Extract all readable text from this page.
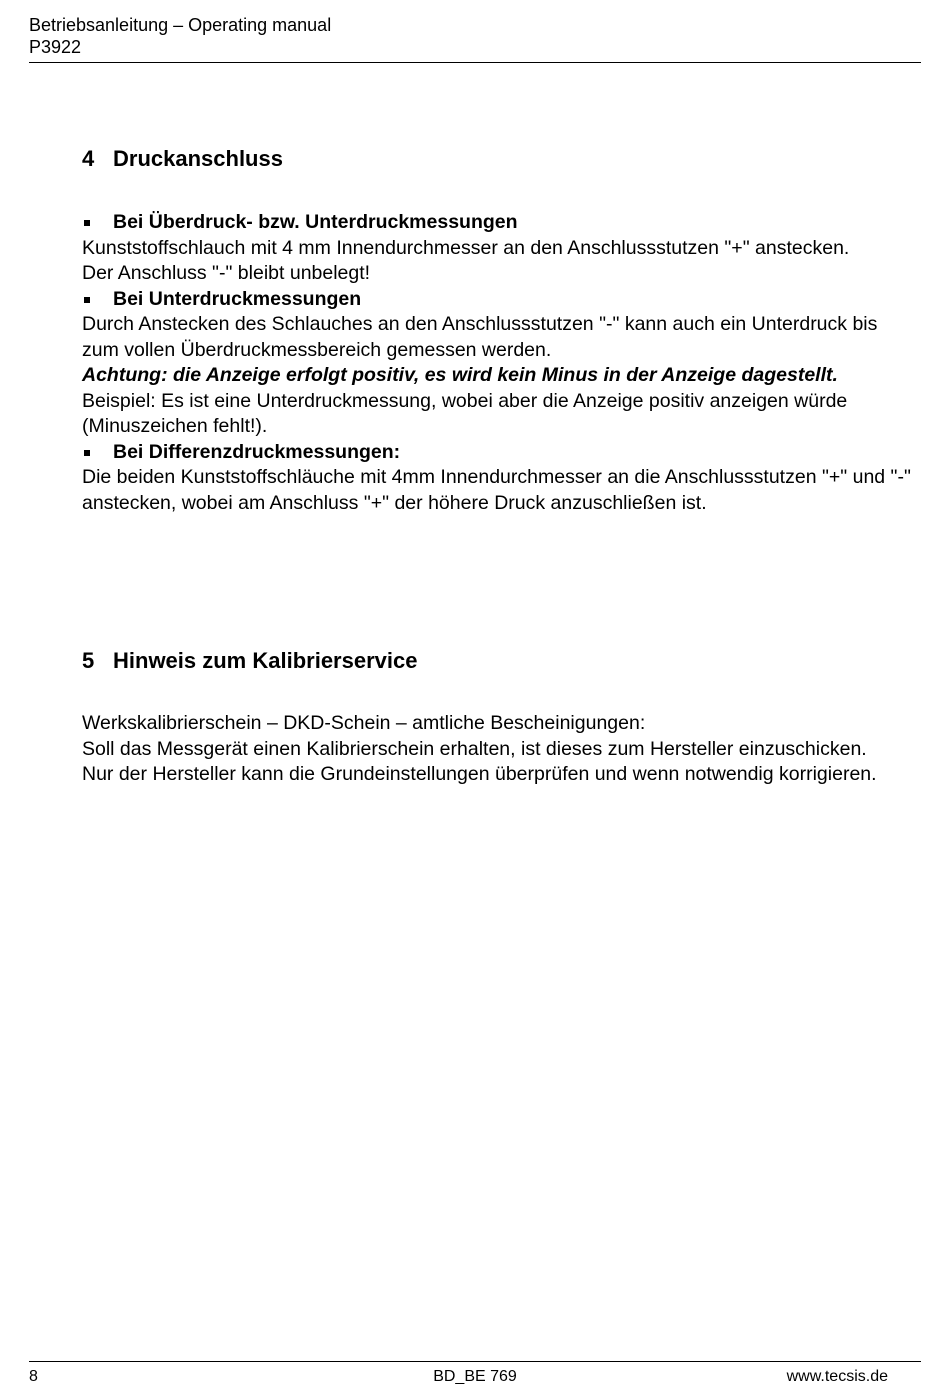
Betriebsanleitung – Operating manual
P3922
4 Druckanschluss
Bei Überdruck- bzw. Unterdruckmessungen
Kunststoffschlauch mit 4 mm Innendurchmesser an den Anschlussstutzen "+" anstecken.
Der Anschluss "-" bleibt unbelegt!
Bei Unterdruckmessungen
Durch Anstecken des Schlauches an den Anschlussstutzen "-" kann auch ein Unterdruck bis zum vollen Überdruckmessbereich gemessen werden.
Achtung: die Anzeige erfolgt positiv, es wird kein Minus in der Anzeige dagestellt.
Beispiel: Es ist eine Unterdruckmessung, wobei aber die Anzeige positiv anzeigen würde (Minuszeichen fehlt!).
Bei Differenzdruckmessungen:
Die beiden Kunststoffschläuche mit 4mm Innendurchmesser an die Anschlussstutzen "+" und "-" anstecken, wobei am Anschluss "+" der höhere Druck anzuschließen ist.
5 Hinweis zum Kalibrierservice
Werkskalibrierschein – DKD-Schein – amtliche Bescheinigungen:
Soll das Messgerät einen Kalibrierschein erhalten, ist dieses zum Hersteller einzuschicken.
Nur der Hersteller kann die Grundeinstellungen überprüfen und wenn notwendig korrigieren.
BD_BE 769
8	www.tecsis.de
